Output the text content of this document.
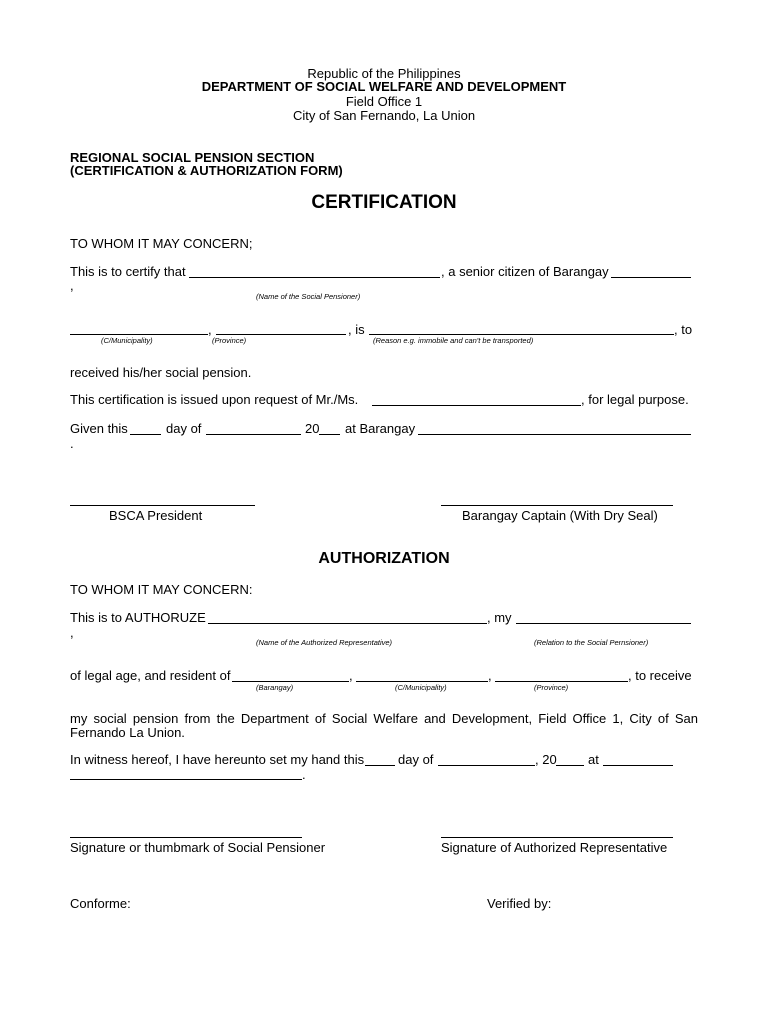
Republic of the Philippines
DEPARTMENT OF SOCIAL WELFARE AND DEVELOPMENT
Field Office 1
City of San Fernando, La Union
REGIONAL SOCIAL PENSION SECTION
(CERTIFICATION & AUTHORIZATION FORM)
CERTIFICATION
TO WHOM IT MAY CONCERN;
This is to certify that	, a senior citizen of Barangay
,
(Name of the Social Pensioner)
,	, is	, to
(C/Municipality)	(Province)	(Reason e.g. immobile and can't be transported)
received his/her social pension.
This certification is issued upon request of Mr./Ms.	, for legal purpose.
Given this	day of	20 at Barangay
.
BSCA President	Barangay Captain (With Dry Seal)
AUTHORIZATION
TO WHOM IT MAY CONCERN:
This is to AUTHORUZE	, my
,
(Name of the Authorized Representative)	(Relation to the Social Pernsioner)
of legal age, and resident of	,	,	, to receive
(Barangay)	(C/Municipality)	(Province)
my social pension from the Department of Social Welfare and Development, Field Office 1, City of San
Fernando La Union.
In witness hereof, I have hereunto set my hand this	day of	, 20 at
.
Signature or thumbmark of Social Pensioner	Signature of Authorized Representative
Conforme:	Verified by:
